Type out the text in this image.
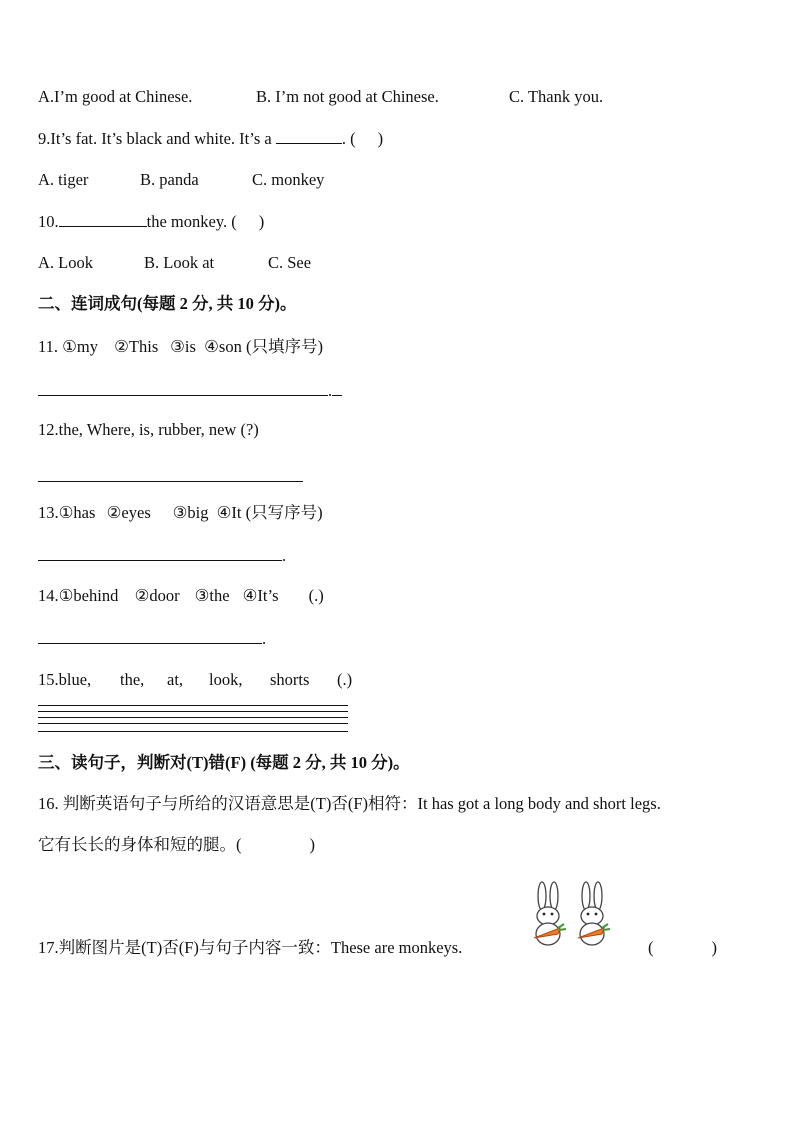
A.I’m good at Chinese.	B. I’m not good at Chinese.	C. Thank you.
9.It’s fat. It’s black and white. It’s a	. ( )
A. tiger	B. panda	C. monkey
10.	the monkey. ( )
A. Look	B. Look at	C. See
二、连词成句(每题 2 分, 共 10 分)。
11. ①my ②This ③is ④son (只填序号)
.
12.the, Where, is, rubber, new (?)
13.①has ②eyes ③big ④It (只写序号)
.
14.①behind ②door ③the ④It’s (.)
.
15.blue, the, at, look, shorts (.)
三、读句子，判断对(T)错(F) (每题 2 分, 共 10 分)。
16. 判断英语句子与所给的汉语意思是(T)否(F)相符：It has got a long body and short legs.
它有长长的身体和短的腿。(	)
17.判断图片是(T)否(F)与句子内容一致：These are monkeys.	(	)
